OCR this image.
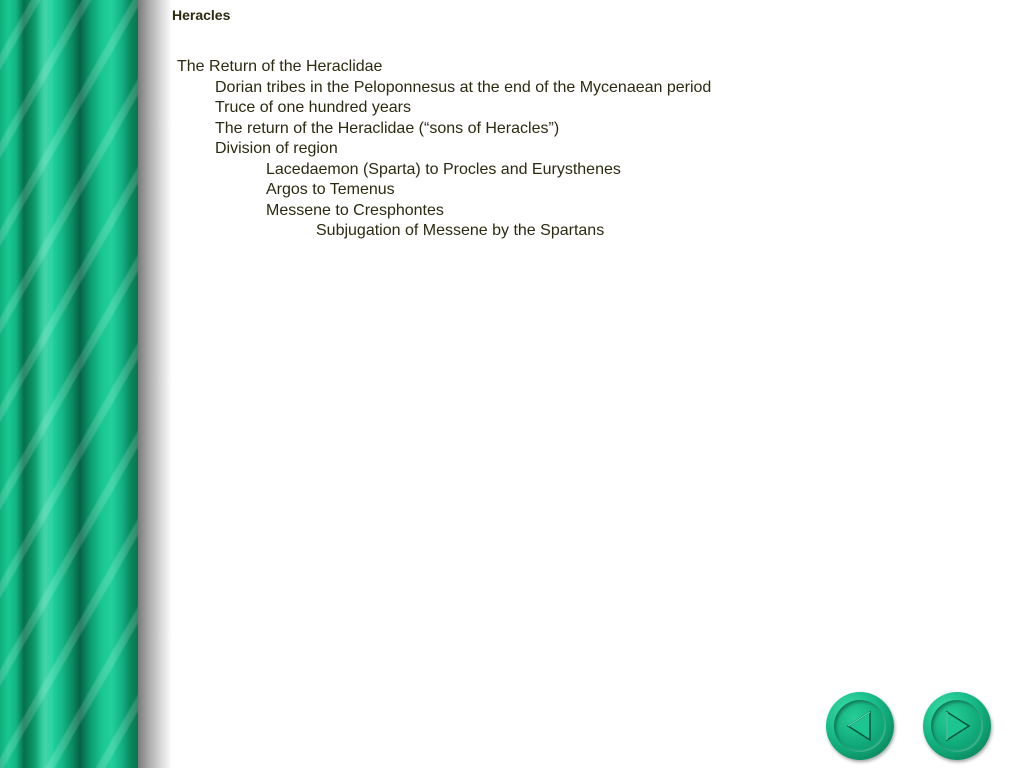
Heracles
The Return of the Heraclidae
Dorian tribes in the Peloponnesus at the end of the Mycenaean period
Truce of one hundred years
The return of the Heraclidae (“sons of Heracles”)
Division of region
Lacedaemon (Sparta) to Procles and Eurysthenes
Argos to Temenus
Messene to Cresphontes
Subjugation of Messene by the Spartans
